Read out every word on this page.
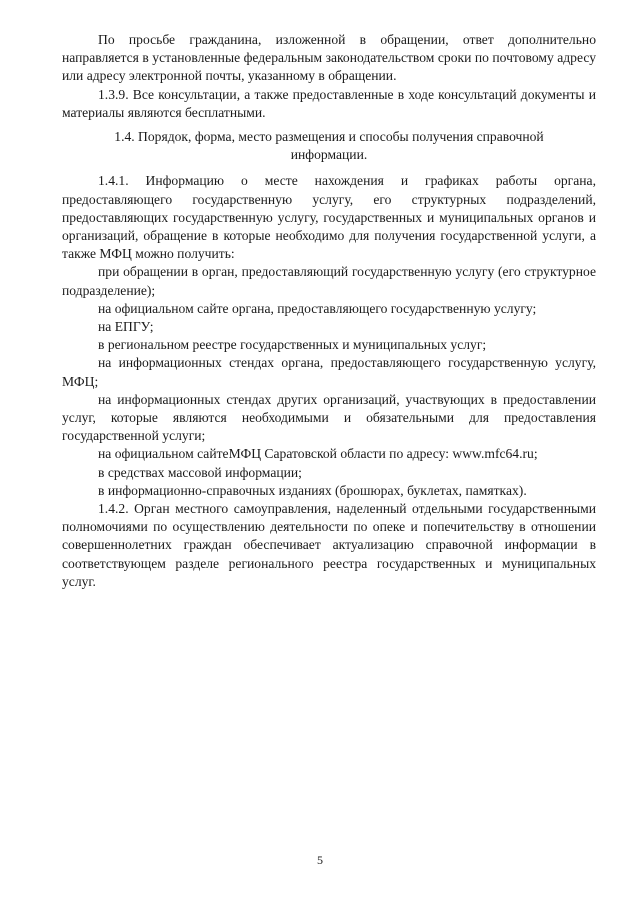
По просьбе гражданина, изложенной в обращении, ответ дополнительно направляется в установленные федеральным законодательством сроки по почтовому адресу или адресу электронной почты, указанному в обращении.

1.3.9. Все консультации, а также предоставленные в ходе консультаций документы и материалы являются бесплатными.

1.4. Порядок, форма, место размещения и способы получения справочной информации.

1.4.1. Информацию о месте нахождения и графиках работы органа, предоставляющего государственную услугу, его структурных подразделений, предоставляющих государственную услугу, государственных и муниципальных органов и организаций, обращение в которые необходимо для получения государственной услуги, а также МФЦ можно получить:

при обращении в орган, предоставляющий государственную услугу (его структурное подразделение);

на официальном сайте органа, предоставляющего государственную услугу;

на ЕПГУ;

в региональном реестре государственных и муниципальных услуг;

на информационных стендах органа, предоставляющего государственную услугу, МФЦ;

на информационных стендах других организаций, участвующих в предоставлении услуг, которые являются необходимыми и обязательными для предоставления государственной услуги;

на официальном сайтеМФЦ Саратовской области по адресу: www.mfc64.ru;

в средствах массовой информации;

в информационно-справочных изданиях (брошюрах, буклетах, памятках).

1.4.2. Орган местного самоуправления, наделенный отдельными государственными полномочиями по осуществлению деятельности по опеке и попечительству в отношении совершеннолетних граждан обеспечивает актуализацию справочной информации в соответствующем разделе регионального реестра государственных и муниципальных услуг.

5
